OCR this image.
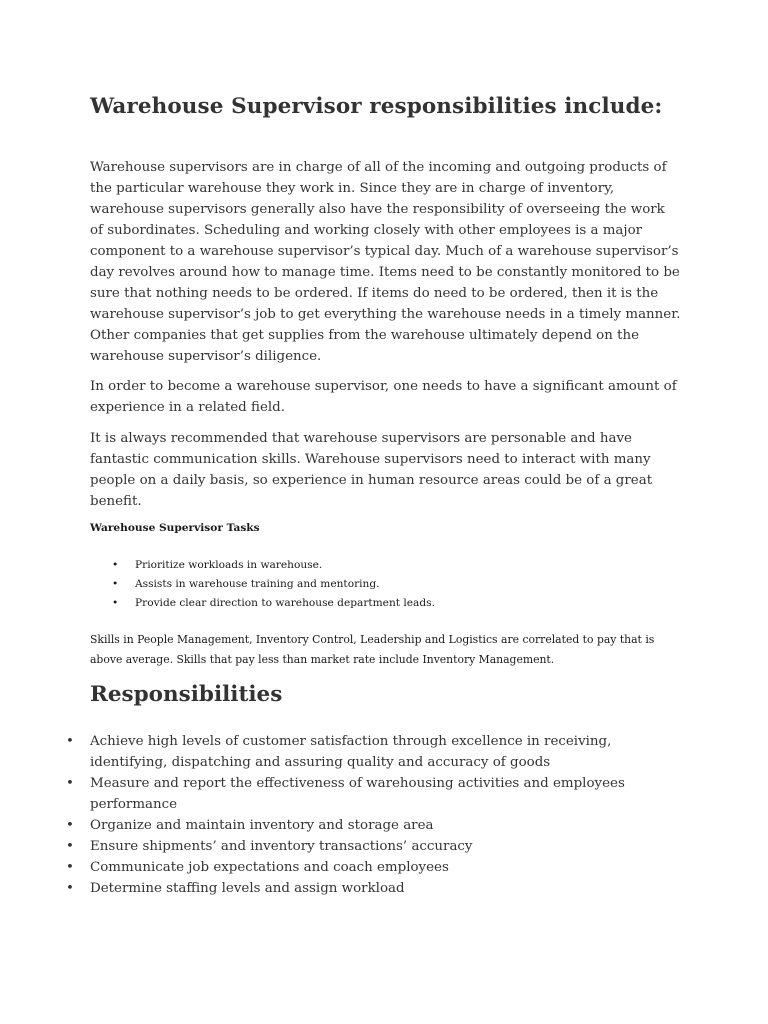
Warehouse Supervisor responsibilities include:

Warehouse supervisors are in charge of all of the incoming and outgoing products of the particular warehouse they work in. Since they are in charge of inventory, warehouse supervisors generally also have the responsibility of overseeing the work of subordinates. Scheduling and working closely with other employees is a major component to a warehouse supervisor’s typical day. Much of a warehouse supervisor’s day revolves around how to manage time. Items need to be constantly monitored to be sure that nothing needs to be ordered. If items do need to be ordered, then it is the warehouse supervisor’s job to get everything the warehouse needs in a timely manner. Other companies that get supplies from the warehouse ultimately depend on the warehouse supervisor’s diligence.

In order to become a warehouse supervisor, one needs to have a significant amount of experience in a related field.

It is always recommended that warehouse supervisors are personable and have fantastic communication skills. Warehouse supervisors need to interact with many people on a daily basis, so experience in human resource areas could be of a great benefit.

Warehouse Supervisor Tasks

• Prioritize workloads in warehouse.
• Assists in warehouse training and mentoring.
• Provide clear direction to warehouse department leads.

Skills in People Management, Inventory Control, Leadership and Logistics are correlated to pay that is above average. Skills that pay less than market rate include Inventory Management.

Responsibilities
• Achieve high levels of customer satisfaction through excellence in receiving, identifying, dispatching and assuring quality and accuracy of goods
• Measure and report the effectiveness of warehousing activities and employees performance
• Organize and maintain inventory and storage area
• Ensure shipments’ and inventory transactions’ accuracy
• Communicate job expectations and coach employees
• Determine staffing levels and assign workload
